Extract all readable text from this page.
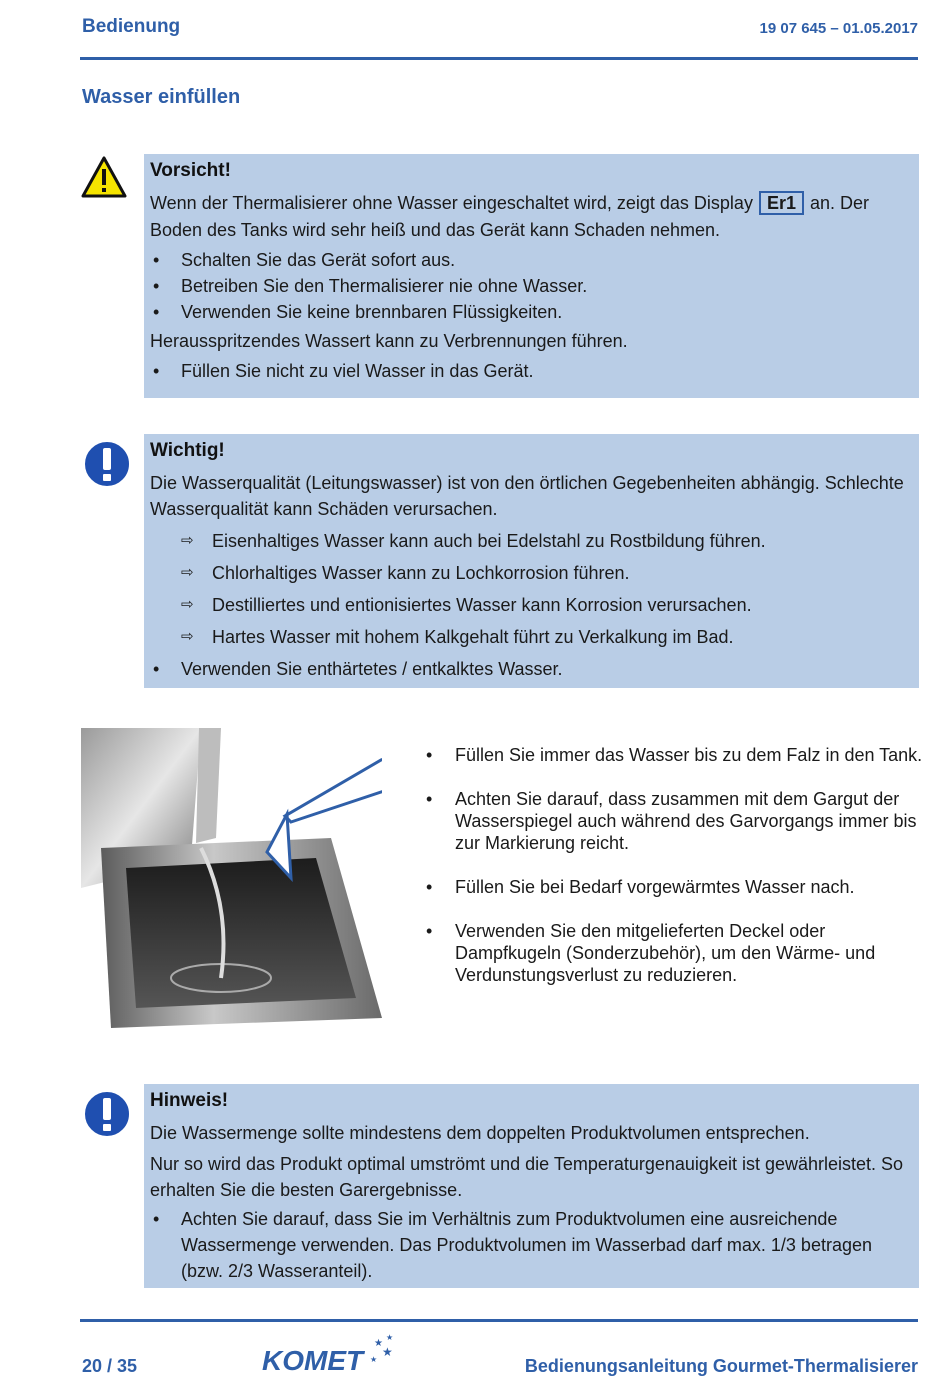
Bedienung	19 07 645 – 01.05.2017
Wasser einfüllen
Vorsicht!

Wenn der Thermalisierer ohne Wasser eingeschaltet wird, zeigt das Display Er1 an. Der Boden des Tanks wird sehr heiß und das Gerät kann Schaden nehmen.

• Schalten Sie das Gerät sofort aus.
• Betreiben Sie den Thermalisierer nie ohne Wasser.
• Verwenden Sie keine brennbaren Flüssigkeiten.

Herausspritzendes Wassert kann zu Verbrennungen führen.

• Füllen Sie nicht zu viel Wasser in das Gerät.
Wichtig!

Die Wasserqualität (Leitungswasser) ist von den örtlichen Gegebenheiten abhängig. Schlechte Wasserqualität kann Schäden verursachen.

⇨ Eisenhaltiges Wasser kann auch bei Edelstahl zu Rostbildung führen.
⇨ Chlorhaltiges Wasser kann zu Lochkorrosion führen.
⇨ Destilliertes und entionisiertes Wasser kann Korrosion verursachen.
⇨ Hartes Wasser mit hohem Kalkgehalt führt zu Verkalkung im Bad.
• Verwenden Sie enthärtetes / entkalktes Wasser.
• Füllen Sie immer das Wasser bis zu dem Falz in den Tank.
• Achten Sie darauf, dass zusammen mit dem Gargut der Wasserspiegel auch während des Garvorgangs immer bis zur Markierung reicht.
• Füllen Sie bei Bedarf vorgewärmtes Wasser nach.
• Verwenden Sie den mitgelieferten Deckel oder Dampfkugeln (Sonderzubehör), um den Wärme- und Verdunstungsverlust zu reduzieren.
Hinweis!

Die Wassermenge sollte mindestens dem doppelten Produktvolumen entsprechen.

Nur so wird das Produkt optimal umströmt und die Temperaturgenauigkeit ist gewährleistet. So erhalten Sie die besten Garergebnisse.

• Achten Sie darauf, dass Sie im Verhältnis zum Produktvolumen eine ausreichende Wassermenge verwenden. Das Produktvolumen im Wasserbad darf max. 1/3 betragen (bzw. 2/3 Wasseranteil).
20 / 35	KOMET
★
★
★
★	Bedienungsanleitung Gourmet-Thermalisierer
